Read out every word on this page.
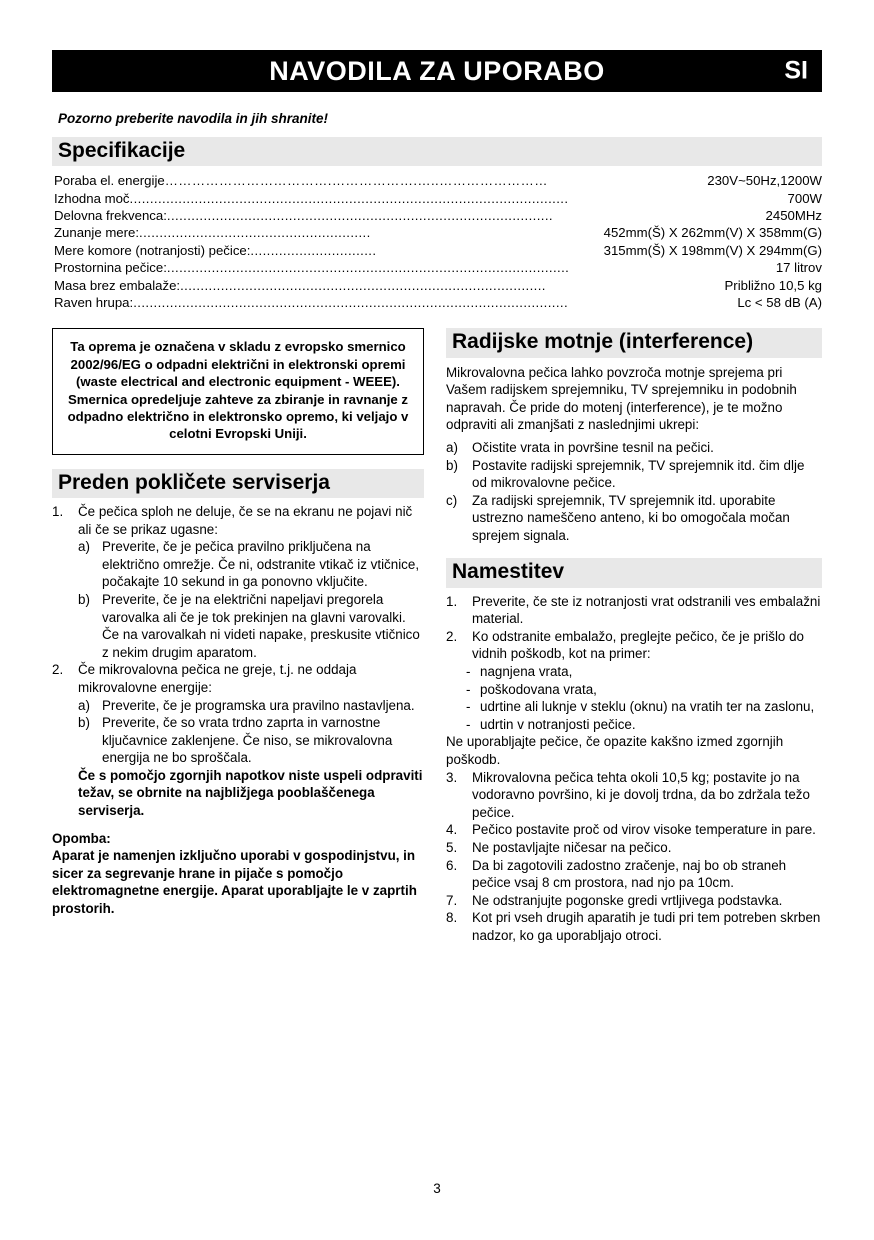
NAVODILA ZA UPORABO	SI
Pozorno preberite navodila in jih shranite!
Specifikacije
Poraba el. energije ……………………………….……………….…..……………………	230V~50Hz,1200W
Izhodna moč ............................................................................................................	700W
Delovna frekvenca: ...............................................................................................	2450MHz
Zunanje mere: .........................................................	452mm(Š) X 262mm(V) X 358mm(G)
Mere komore (notranjosti) pečice: ...............................	315mm(Š) X 198mm(V) X 294mm(G)
Prostornina pečice: ...................................................................................................	17 litrov
Masa brez embalaže: ..........................................................................................	Približno 10,5 kg
Raven hrupa: ...........................................................................................................	Lc < 58 dB (A)
Ta oprema je označena v skladu z evropsko smernico 2002/96/EG o odpadni električni in elektronski opremi (waste electrical and electronic equipment - WEEE). Smernica opredeljuje zahteve za zbiranje in ravnanje z odpadno električno in elektronsko opremo, ki veljajo v celotni Evropski Uniji.
Preden pokličete serviserja
1.	Če pečica sploh ne deluje, če se na ekranu ne pojavi nič ali če se prikaz ugasne:
a) Preverite, če je pečica pravilno priključena na električno omrežje. Če ni, odstranite vtikač iz vtičnice, počakajte 10 sekund in ga ponovno vključite.
b) Preverite, če je na električni napeljavi pregorela varovalka ali če je tok prekinjen na glavni varovalki. Če na varovalkah ni videti napake, preskusite vtičnico z nekim drugim aparatom.
2.	Če mikrovalovna pečica ne greje, t.j. ne oddaja mikrovalovne energije:
a) Preverite, če je programska ura pravilno nastavljena.
b) Preverite, če so vrata trdno zaprta in varnostne ključavnice zaklenjene. Če niso, se mikrovalovna energija ne bo sproščala.
Če s pomočjo zgornjih napotkov niste uspeli odpraviti težav, se obrnite na najbližjega pooblaščenega serviserja.
Opomba:
Aparat je namenjen izključno uporabi v gospodinjstvu, in sicer za segrevanje hrane in pijače s pomočjo elektromagnetne energije. Aparat uporabljajte le v zaprtih prostorih.
Radijske motnje (interference)
Mikrovalovna pečica lahko povzroča motnje sprejema pri Vašem radijskem sprejemniku, TV sprejemniku in podobnih napravah. Če pride do motenj (interference), je te možno odpraviti ali zmanjšati z naslednjimi ukrepi:
a)	Očistite vrata in površine tesnil na pečici.
b)	Postavite radijski sprejemnik, TV sprejemnik itd. čim dlje od mikrovalovne pečice.
c)	Za radijski sprejemnik, TV sprejemnik itd. uporabite ustrezno nameščeno anteno, ki bo omogočala močan sprejem signala.
Namestitev
1.	Preverite, če ste iz notranjosti vrat odstranili ves embalažni material.
2.	Ko odstranite embalažo, preglejte pečico, če je prišlo do vidnih poškodb, kot na primer:
- nagnjena vrata,
- poškodovana vrata,
- udrtine ali luknje v steklu (oknu) na vratih ter na zaslonu,
- udrtin v notranjosti pečice.
Ne uporabljajte pečice, če opazite kakšno izmed zgornjih poškodb.
3.	Mikrovalovna pečica tehta okoli 10,5 kg; postavite jo na vodoravno površino, ki je dovolj trdna, da bo zdržala težo pečice.
4.	Pečico postavite proč od virov visoke temperature in pare.
5.	Ne postavljajte ničesar na pečico.
6.	Da bi zagotovili zadostno zračenje, naj bo ob straneh pečice vsaj 8 cm prostora, nad njo pa 10cm.
7.	Ne odstranjujte pogonske gredi vrtljivega podstavka.
8.	Kot pri vseh drugih aparatih je tudi pri tem potreben skrben nadzor, ko ga uporabljajo otroci.
3
